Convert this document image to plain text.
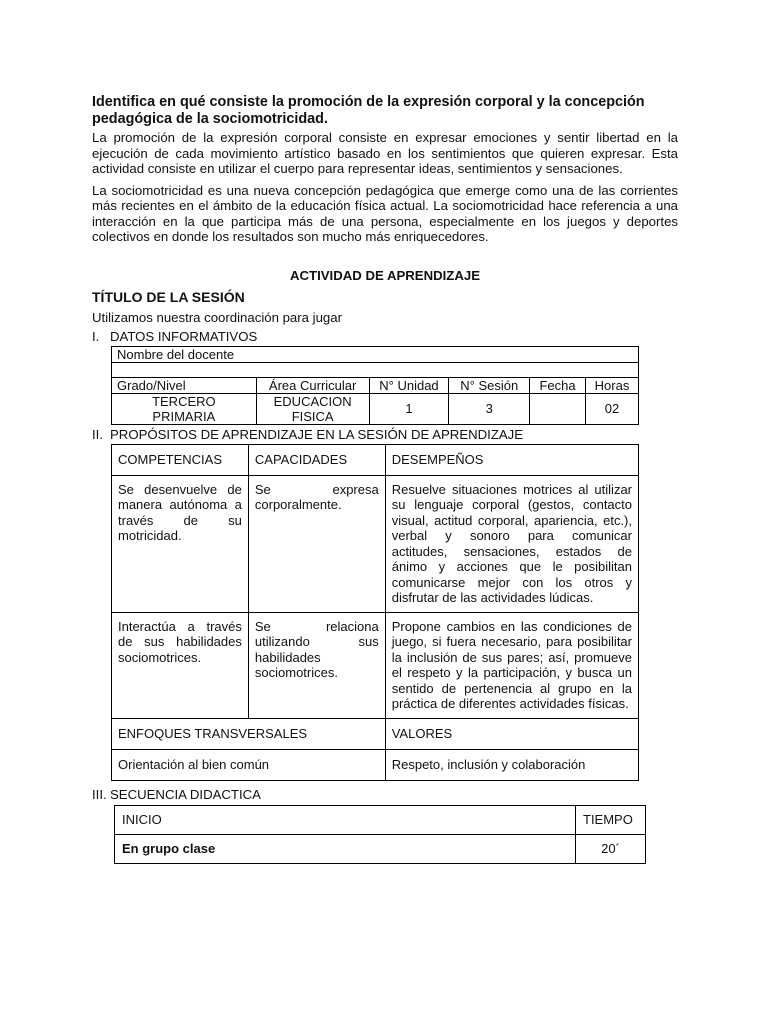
Identifica en qué consiste la promoción de la expresión corporal y la concepción pedagógica de la sociomotricidad.

La promoción de la expresión corporal consiste en expresar emociones y sentir libertad en la ejecución de cada movimiento artístico basado en los sentimientos que quieren expresar. Esta actividad consiste en utilizar el cuerpo para representar ideas, sentimientos y sensaciones.

La sociomotricidad es una nueva concepción pedagógica que emerge como una de las corrientes más recientes en el ámbito de la educación física actual. La sociomotricidad hace referencia a una interacción en la que participa más de una persona, especialmente en los juegos y deportes colectivos en donde los resultados son mucho más enriquecedores.

ACTIVIDAD DE APRENDIZAJE
TÍTULO DE LA SESIÓN
Utilizamos nuestra coordinación para jugar
I. DATOS INFORMATIVOS
Nombre del docente					

Grado/Nivel	Área Curricular	N° Unidad	N° Sesión	Fecha	Horas
TERCERO PRIMARIA	EDUCACION FISICA	1	3		02
II. PROPÓSITOS DE APRENDIZAJE EN LA SESIÓN DE APRENDIZAJE
COMPETENCIAS	CAPACIDADES	DESEMPEÑOS
Se desenvuelve de manera autónoma a través de su motricidad.	Se expresa corporalmente.	Resuelve situaciones motrices al utilizar su lenguaje corporal (gestos, contacto visual, actitud corporal, apariencia, etc.), verbal y sonoro para comunicar actitudes, sensaciones, estados de ánimo y acciones que le posibilitan comunicarse mejor con los otros y disfrutar de las actividades lúdicas.
Interactúa a través de sus habilidades sociomotrices.	Se relaciona utilizando sus habilidades sociomotrices.	Propone cambios en las condiciones de juego, si fuera necesario, para posibilitar la inclusión de sus pares; así, promueve el respeto y la participación, y busca un sentido de pertenencia al grupo en la práctica de diferentes actividades físicas.
ENFOQUES TRANSVERSALES		VALORES
Orientación al bien común		Respeto, inclusión y colaboración
III. SECUENCIA DIDACTICA
INICIO	TIEMPO
En grupo clase	20´
